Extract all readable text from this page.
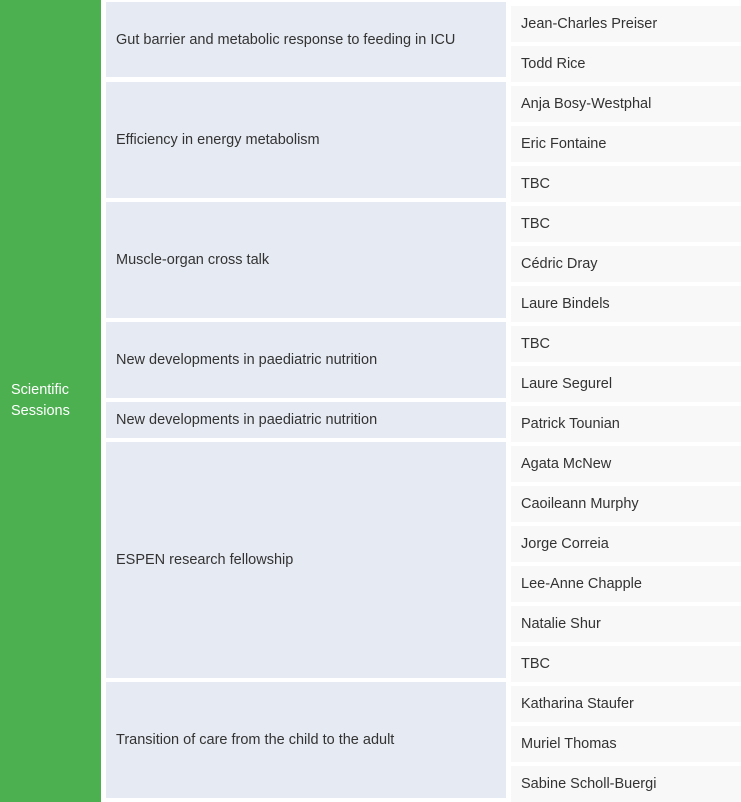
Scientific
Sessions
Gut barrier and metabolic response to feeding in ICU
Jean-Charles Preiser
Todd Rice
Efficiency in energy metabolism
Anja Bosy-Westphal
Eric Fontaine
TBC
Muscle-organ cross talk
TBC
Cédric Dray
Laure Bindels
New developments in paediatric nutrition
TBC
Laure Segurel
New developments in paediatric nutrition	Patrick Tounian
ESPEN research fellowship
Agata McNew
Caoileann Murphy
Jorge Correia
Lee-Anne Chapple
Natalie Shur
TBC
Transition of care from the child to the adult
Katharina Staufer
Muriel Thomas
Sabine Scholl-Buergi
